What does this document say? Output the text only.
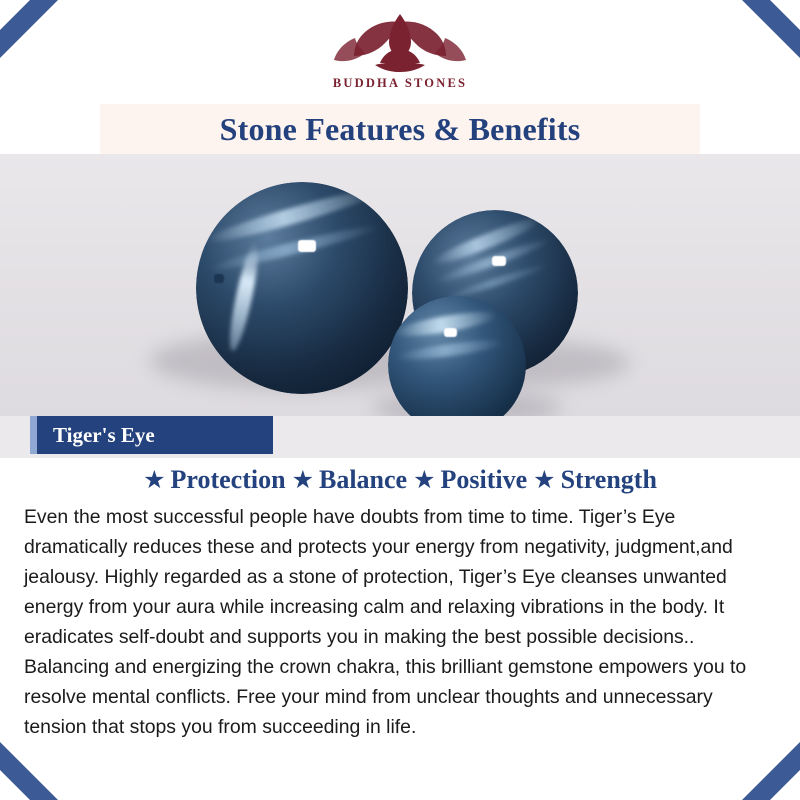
BUDDHA STONES
Stone Features & Benefits
Tiger's Eye
★ Protection ★ Balance ★ Positive ★ Strength
Even the most successful people have doubts from time to time. Tiger’s Eye dramatically reduces these and protects your energy from negativity, judgment,and jealousy. Highly regarded as a stone of protection, Tiger’s Eye cleanses unwanted energy from your aura while increasing calm and relaxing vibrations in the body. It eradicates self-doubt and supports you in making the best possible decisions.. Balancing and energizing the crown chakra, this brilliant gemstone empowers you to resolve mental conflicts. Free your mind from unclear thoughts and unnecessary tension that stops you from succeeding in life.
